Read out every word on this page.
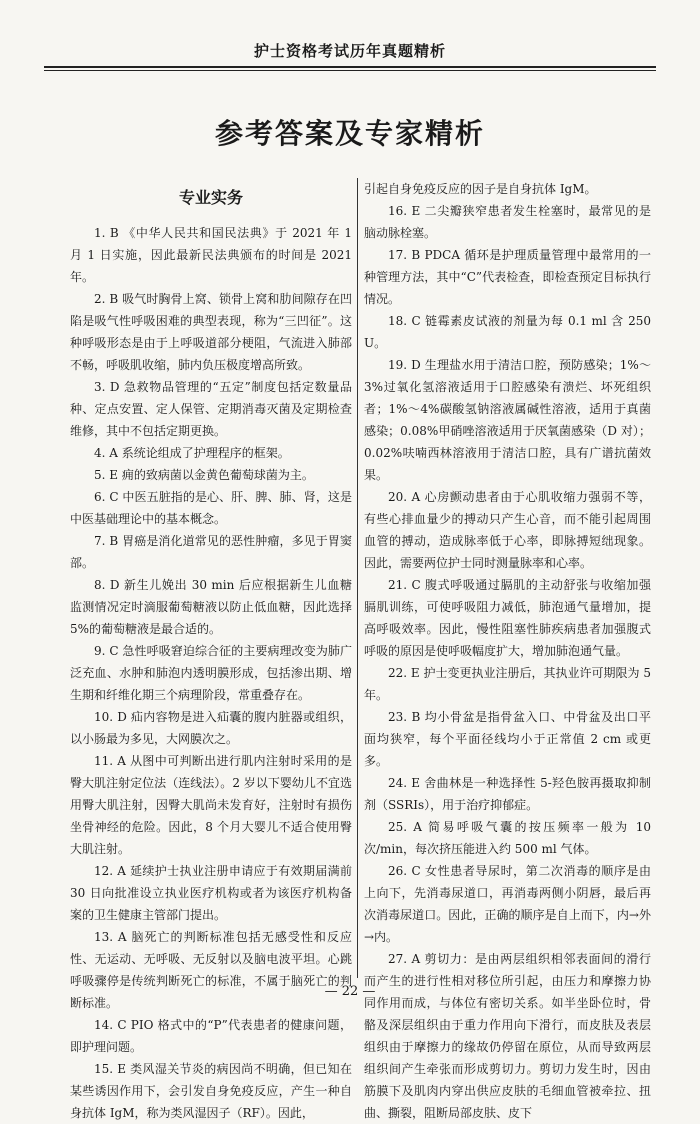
护士资格考试历年真题精析
参考答案及专家精析
专业实务

1. B 《中华人民共和国民法典》于 2021 年 1 月 1 日实施，因此最新民法典颁布的时间是 2021 年。

2. B 吸气时胸骨上窝、锁骨上窝和肋间隙存在凹陷是吸气性呼吸困难的典型表现，称为“三凹征”。这种呼吸形态是由于上呼吸道部分梗阻，气流进入肺部不畅，呼吸肌收缩，肺内负压极度增高所致。

3. D 急救物品管理的“五定”制度包括定数量品种、定点安置、定人保管、定期消毒灭菌及定期检查维修，其中不包括定期更换。

4. A 系统论组成了护理程序的框架。

5. E 痈的致病菌以金黄色葡萄球菌为主。

6. C 中医五脏指的是心、肝、脾、肺、肾，这是中医基础理论中的基本概念。

7. B 胃癌是消化道常见的恶性肿瘤，多见于胃窦部。

8. D 新生儿娩出 30 min 后应根据新生儿血糖监测情况定时滴服葡萄糖液以防止低血糖，因此选择 5%的葡萄糖液是最合适的。

9. C 急性呼吸窘迫综合征的主要病理改变为肺广泛充血、水肿和肺泡内透明膜形成，包括渗出期、增生期和纤维化期三个病理阶段，常重叠存在。

10. D 疝内容物是进入疝囊的腹内脏器或组织，以小肠最为多见，大网膜次之。

11. A 从图中可判断出进行肌内注射时采用的是臀大肌注射定位法（连线法）。2 岁以下婴幼儿不宜选用臀大肌注射，因臀大肌尚未发育好，注射时有损伤坐骨神经的危险。因此，8 个月大婴儿不适合使用臀大肌注射。

12. A 延续护士执业注册申请应于有效期届满前 30 日向批准设立执业医疗机构或者为该医疗机构备案的卫生健康主管部门提出。

13. A 脑死亡的判断标准包括无感受性和反应性、无运动、无呼吸、无反射以及脑电波平坦。心跳呼吸骤停是传统判断死亡的标准，不属于脑死亡的判断标准。

14. C PIO 格式中的“P”代表患者的健康问题，即护理问题。

15. E 类风湿关节炎的病因尚不明确，但已知在某些诱因作用下，会引发自身免疫反应，产生一种自身抗体 IgM，称为类风湿因子（RF）。因此，

引起自身免疫反应的因子是自身抗体 IgM。

16. E 二尖瓣狭窄患者发生栓塞时，最常见的是脑动脉栓塞。

17. B PDCA 循环是护理质量管理中最常用的一种管理方法，其中“C”代表检查，即检查预定目标执行情况。

18. C 链霉素皮试液的剂量为每 0.1 ml 含 250 U。

19. D 生理盐水用于清洁口腔，预防感染；1%～3%过氧化氢溶液适用于口腔感染有溃烂、坏死组织者；1%～4%碳酸氢钠溶液属碱性溶液，适用于真菌感染；0.08%甲硝唑溶液适用于厌氧菌感染（D 对）；0.02%呋喃西林溶液用于清洁口腔，具有广谱抗菌效果。

20. A 心房颤动患者由于心肌收缩力强弱不等，有些心排血量少的搏动只产生心音，而不能引起周围血管的搏动，造成脉率低于心率，即脉搏短绌现象。因此，需要两位护士同时测量脉率和心率。

21. C 腹式呼吸通过膈肌的主动舒张与收缩加强膈肌训练，可使呼吸阻力减低，肺泡通气量增加，提高呼吸效率。因此，慢性阻塞性肺疾病患者加强腹式呼吸的原因是使呼吸幅度扩大，增加肺泡通气量。

22. E 护士变更执业注册后，其执业许可期限为 5 年。

23. B 均小骨盆是指骨盆入口、中骨盆及出口平面均狭窄，每个平面径线均小于正常值 2 cm 或更多。

24. E 舍曲林是一种选择性 5-羟色胺再摄取抑制剂（SSRIs），用于治疗抑郁症。

25. A 简易呼吸气囊的按压频率一般为 10 次/min，每次挤压能进入约 500 ml 气体。

26. C 女性患者导尿时，第二次消毒的顺序是由上向下，先消毒尿道口，再消毒两侧小阴唇，最后再次消毒尿道口。因此，正确的顺序是自上而下，内→外→内。

27. A 剪切力：是由两层组织相邻表面间的滑行而产生的进行性相对移位所引起，由压力和摩擦力协同作用而成，与体位有密切关系。如半坐卧位时，骨骼及深层组织由于重力作用向下滑行，而皮肤及表层组织由于摩擦力的缘故仍停留在原位，从而导致两层组织间产生牵张而形成剪切力。剪切力发生时，因由筋膜下及肌肉内穿出供应皮肤的毛细血管被牵拉、扭曲、撕裂，阻断局部皮肤、皮下

— 22 —
